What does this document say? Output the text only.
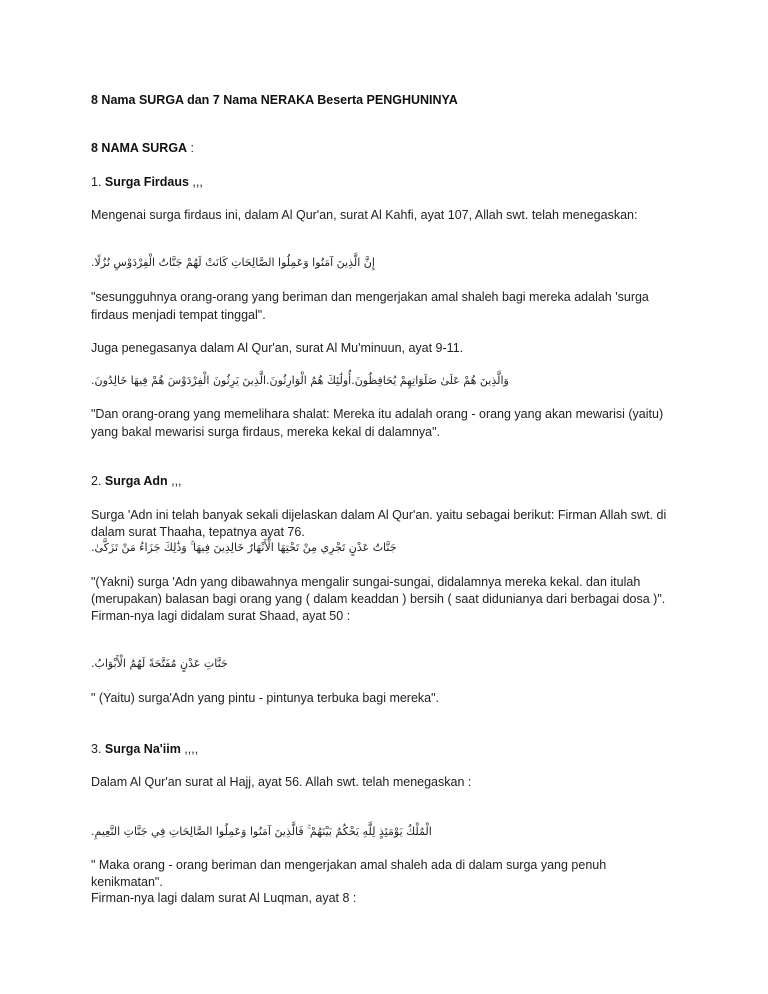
8 Nama SURGA dan 7 Nama NERAKA Beserta PENGHUNINYA
8 NAMA SURGA :
1. Surga Firdaus ,,,
Mengenai surga firdaus ini, dalam Al Qur'an, surat Al Kahfi, ayat 107, Allah swt. telah menegaskan:
إِنَّ الَّذِينَ آمَنُوا وَعَمِلُوا الصَّالِحَاتِ كَانَتْ لَهُمْ جَنَّاتُ الْفِرْدَوْسِ نُزُلًا.
"sesungguhnya orang-orang yang beriman dan mengerjakan amal shaleh bagi mereka adalah 'surga
firdaus menjadi tempat tinggal".
Juga penegasanya dalam Al Qur'an, surat Al Mu'minuun, ayat 9-11.
وَالَّذِينَ هُمْ عَلَىٰ صَلَوَاتِهِمْ يُحَافِظُونَ.أُولَٰئِكَ هُمُ الْوَارِثُونَ.الَّذِينَ يَرِثُونَ الْفِرْدَوْسَ هُمْ فِيهَا خَالِدُونَ.
"Dan orang-orang yang memelihara shalat: Mereka itu adalah orang - orang yang akan mewarisi (yaitu)
yang bakal mewarisi surga firdaus, mereka kekal di dalamnya".
2. Surga Adn ,,,
Surga 'Adn ini telah banyak sekali dijelaskan dalam Al Qur'an. yaitu sebagai berikut: Firman Allah swt. di
dalam surat Thaaha, tepatnya ayat 76.
جَنَّاتُ عَدْنٍ تَجْرِي مِنْ تَحْتِهَا الْأَنْهَارُ خَالِدِينَ فِيهَا ۚ وَذَٰلِكَ جَزَاءُ مَنْ تَزَكَّىٰ.
"(Yakni) surga 'Adn yang dibawahnya mengalir sungai-sungai, didalamnya mereka kekal. dan itulah
(merupakan) balasan bagi orang yang ( dalam keaddan ) bersih ( saat didunianya dari berbagai dosa )".
Firman-nya lagi didalam surat Shaad, ayat 50 :
جَنَّاتِ عَدْنٍ مُفَتَّحَةً لَهُمُ الْأَبْوَابُ.
" (Yaitu) surga'Adn yang pintu - pintunya terbuka bagi mereka".
3. Surga Na'iim ,,,,
Dalam Al Qur'an surat al Hajj, ayat 56. Allah swt. telah menegaskan :
الْمُلْكُ يَوْمَئِذٍ لِلَّهِ يَحْكُمُ بَيْنَهُمْ ۚ فَالَّذِينَ آمَنُوا وَعَمِلُوا الصَّالِحَاتِ فِي جَنَّاتِ النَّعِيمِ.
" Maka orang - orang beriman dan mengerjakan amal shaleh ada di dalam surga yang penuh
kenikmatan".
Firman-nya lagi dalam surat Al Luqman, ayat 8 :
